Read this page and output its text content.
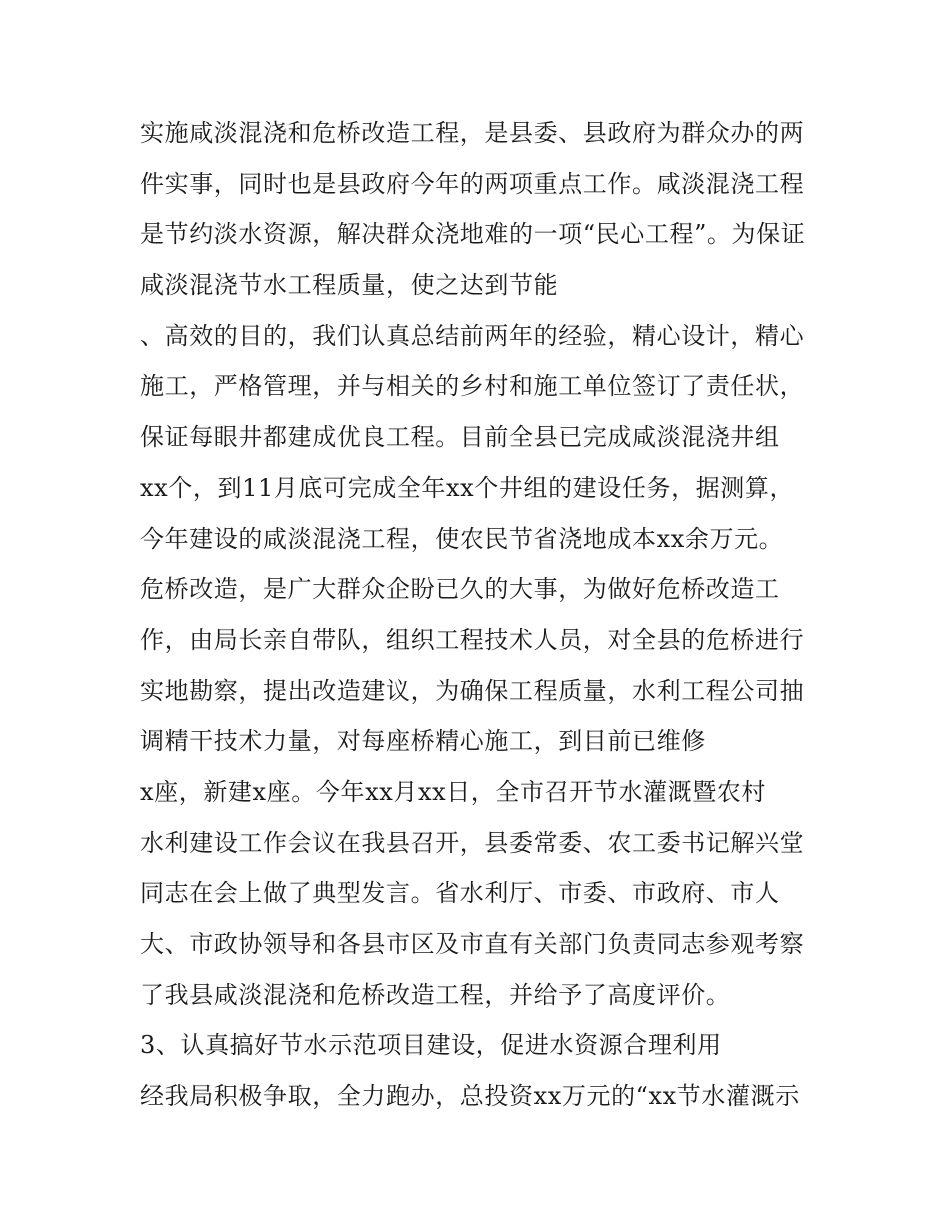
实施咸淡混浇和危桥改造工程，是县委、县政府为群众办的两
件实事，同时也是县政府今年的两项重点工作。咸淡混浇工程
是节约淡水资源，解决群众浇地难的一项“民心工程”。为保证
咸淡混浇节水工程质量，使之达到节能
、高效的目的，我们认真总结前两年的经验，精心设计，精心
施工，严格管理，并与相关的乡村和施工单位签订了责任状，
保证每眼井都建成优良工程。目前全县已完成咸淡混浇井组
xx个，到11月底可完成全年xx个井组的建设任务，据测算，
今年建设的咸淡混浇工程，使农民节省浇地成本xx余万元。
危桥改造，是广大群众企盼已久的大事，为做好危桥改造工
作，由局长亲自带队，组织工程技术人员，对全县的危桥进行
实地勘察，提出改造建议，为确保工程质量，水利工程公司抽
调精干技术力量，对每座桥精心施工，到目前已维修
x座，新建x座。今年xx月xx日，全市召开节水灌溉暨农村
水利建设工作会议在我县召开，县委常委、农工委书记解兴堂
同志在会上做了典型发言。省水利厅、市委、市政府、市人
大、市政协领导和各县市区及市直有关部门负责同志参观考察
了我县咸淡混浇和危桥改造工程，并给予了高度评价。
3、认真搞好节水示范项目建设，促进水资源合理利用
经我局积极争取，全力跑办，总投资xx万元的“xx节水灌溉示
